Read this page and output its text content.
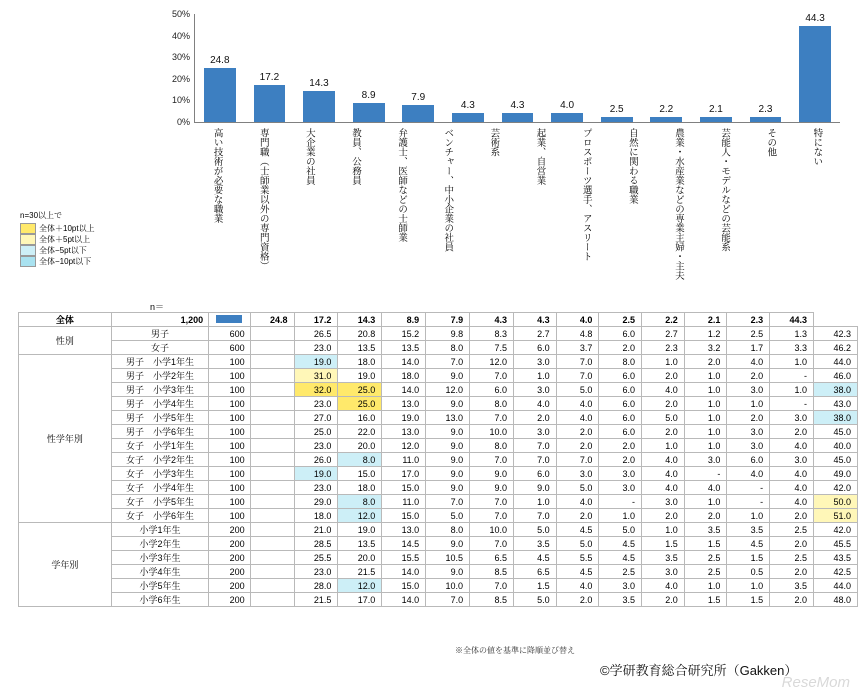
0%
10%
20%
30%
40%
50%
24.8
17.2
14.3
8.9	7.9
4.3	4.3	4.0	2.5	2.2	2.1	2.3
44.3
高い技術が必要な職業	専門職（士師業以外の専門資格）	大企業の社員	教員、公務員	弁護士、医師などの士師業	ベンチャー、中小企業の社員	芸術系	起業、自営業	プロスポーツ選手、アスリート	自然に関わる職業	農業・水産業などの専業主婦・主夫	芸能人・モデルなどの芸能系	その他	特にない
n=30以上で
全体＋10pt以上
全体＋5pt以上
全体−5pt以下
全体−10pt以下
n＝
全体	1,200		24.8	17.2	14.3	8.9	7.9	4.3	4.3	4.0	2.5	2.2	2.1	2.3	44.3	
性別	男子	600		26.5	20.8	15.2	9.8	8.3	2.7	4.8	6.0	2.7	1.2	2.5	1.3	42.3
	女子	600		23.0	13.5	13.5	8.0	7.5	6.0	3.7	2.0	2.3	3.2	1.7	3.3	46.2
性学年別	男子　小学1年生	100		19.0	18.0	14.0	7.0	12.0	3.0	7.0	8.0	1.0	2.0	4.0	1.0	44.0
	男子　小学2年生	100		31.0	19.0	18.0	9.0	7.0	1.0	7.0	6.0	2.0	1.0	2.0	-	46.0
	男子　小学3年生	100		32.0	25.0	14.0	12.0	6.0	3.0	5.0	6.0	4.0	1.0	3.0	1.0	38.0
	男子　小学4年生	100		23.0	25.0	13.0	9.0	8.0	4.0	4.0	6.0	2.0	1.0	1.0	-	43.0
	男子　小学5年生	100		27.0	16.0	19.0	13.0	7.0	2.0	4.0	6.0	5.0	1.0	2.0	3.0	38.0
	男子　小学6年生	100		25.0	22.0	13.0	9.0	10.0	3.0	2.0	6.0	2.0	1.0	3.0	2.0	45.0
	女子　小学1年生	100		23.0	20.0	12.0	9.0	8.0	7.0	2.0	2.0	1.0	1.0	3.0	4.0	40.0
	女子　小学2年生	100		26.0	8.0	11.0	9.0	7.0	7.0	7.0	2.0	4.0	3.0	6.0	3.0	45.0
	女子　小学3年生	100		19.0	15.0	17.0	9.0	9.0	6.0	3.0	3.0	4.0	-	4.0	4.0	49.0
	女子　小学4年生	100		23.0	18.0	15.0	9.0	9.0	9.0	5.0	3.0	4.0	4.0	-	4.0	42.0
	女子　小学5年生	100		29.0	8.0	11.0	7.0	7.0	1.0	4.0	-	3.0	1.0	-	4.0	50.0
	女子　小学6年生	100		18.0	12.0	15.0	5.0	7.0	7.0	2.0	1.0	2.0	2.0	1.0	2.0	51.0
学年別	小学1年生	200		21.0	19.0	13.0	8.0	10.0	5.0	4.5	5.0	1.0	3.5	3.5	2.5	42.0
	小学2年生	200		28.5	13.5	14.5	9.0	7.0	3.5	5.0	4.5	1.5	1.5	4.5	2.0	45.5
	小学3年生	200		25.5	20.0	15.5	10.5	6.5	4.5	5.5	4.5	3.5	2.5	1.5	2.5	43.5
	小学4年生	200		23.0	21.5	14.0	9.0	8.5	6.5	4.5	2.5	3.0	2.5	0.5	2.0	42.5
	小学5年生	200		28.0	12.0	15.0	10.0	7.0	1.5	4.0	3.0	4.0	1.0	1.0	3.5	44.0
	小学6年生	200		21.5	17.0	14.0	7.0	8.5	5.0	2.0	3.5	2.0	1.5	1.5	2.0	48.0
※全体の値を基準に降順並び替え
©学研教育総合研究所（Gakken）
ReseMom
